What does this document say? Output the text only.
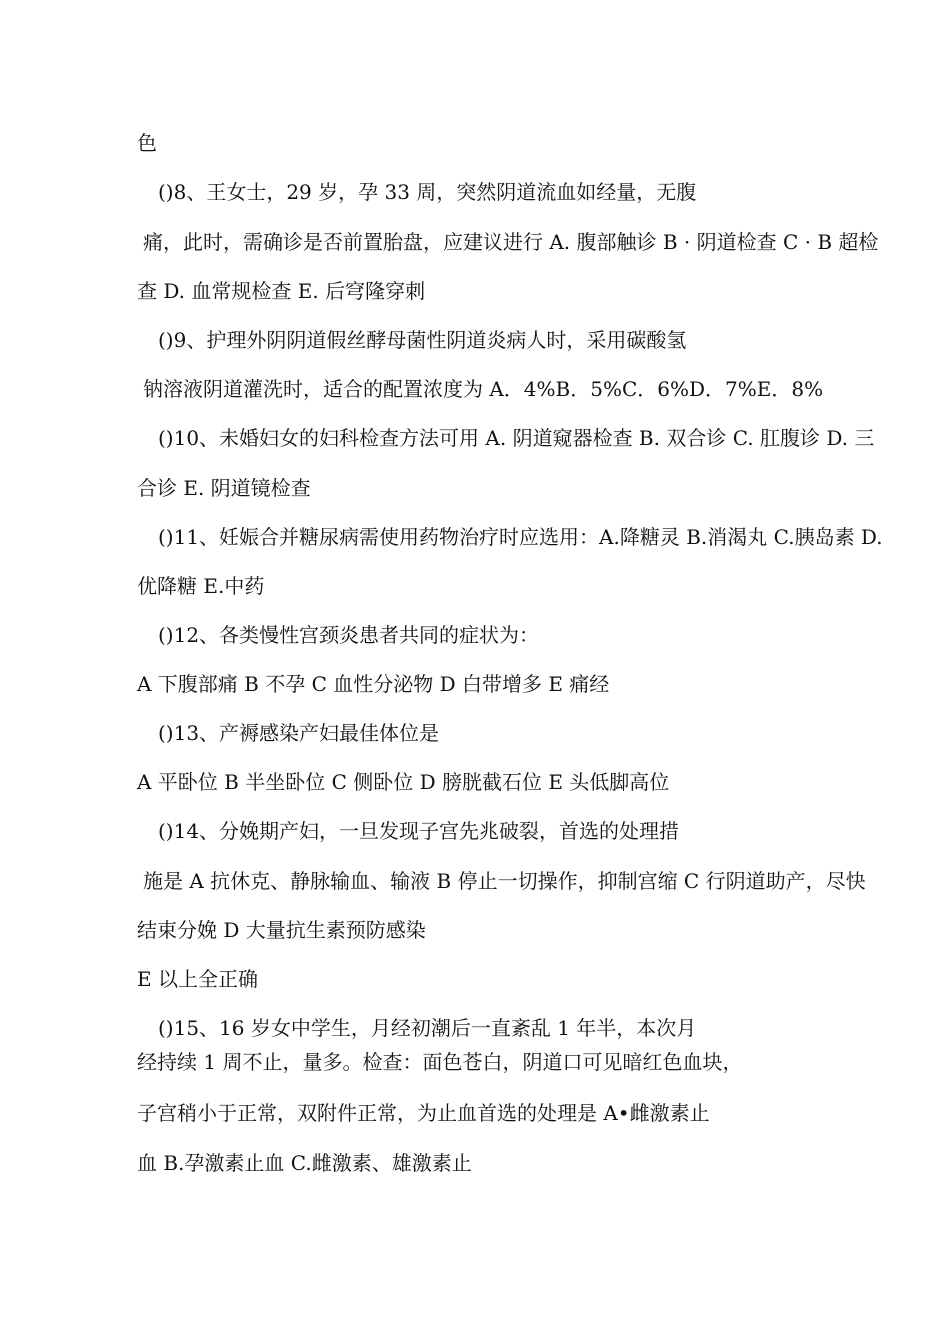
色
()8、王女士，29 岁，孕 33 周，突然阴道流血如经量，无腹
痛，此时，需确诊是否前置胎盘，应建议进行 A. 腹部触诊 B · 阴道检查 C · B 超检
查 D. 血常规检查 E. 后穹隆穿刺
()9、护理外阴阴道假丝酵母菌性阴道炎病人时，采用碳酸氢
钠溶液阴道灌洗时，适合的配置浓度为 A．4%B．5%C．6%D．7%E．8%
()10、未婚妇女的妇科检查方法可用 A. 阴道窥器检查 B. 双合诊 C. 肛腹诊 D. 三
合诊 E. 阴道镜检查
()11、妊娠合并糖尿病需使用药物治疗时应选用：A.降糖灵 B.消渴丸 C.胰岛素 D.
优降糖 E.中药
()12、各类慢性宫颈炎患者共同的症状为：
A 下腹部痛 B 不孕 C 血性分泌物 D 白带增多 E 痛经
()13、产褥感染产妇最佳体位是
A 平卧位 B 半坐卧位 C 侧卧位 D 膀胱截石位 E 头低脚高位
()14、分娩期产妇，一旦发现子宫先兆破裂，首选的处理措
施是 A 抗休克、静脉输血、输液 B 停止一切操作，抑制宫缩 C 行阴道助产，尽快
结束分娩 D 大量抗生素预防感染
E 以上全正确
()15、16 岁女中学生，月经初潮后一直紊乱 1 年半，本次月
经持续 1 周不止，量多。检查：面色苍白，阴道口可见暗红色血块，
子宫稍小于正常，双附件正常，为止血首选的处理是 A•雌激素止
血 B.孕激素止血 C.雌激素、雄激素止
